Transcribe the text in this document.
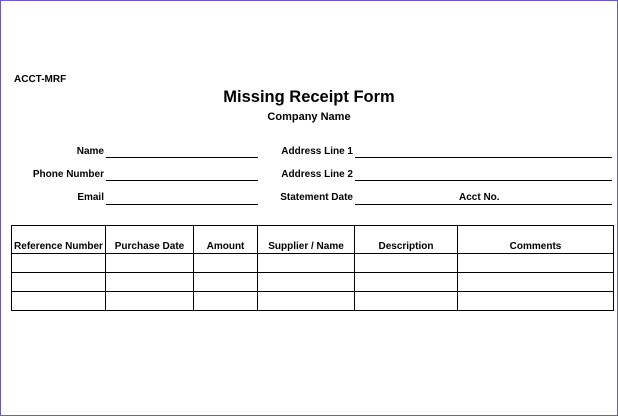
ACCT-MRF
Missing Receipt Form
Company Name
Name
Phone Number
Email
Address Line 1
Address Line 2
Statement Date	Acct No.
Reference Number	Purchase Date	Amount	Supplier / Name	Description	Comments
